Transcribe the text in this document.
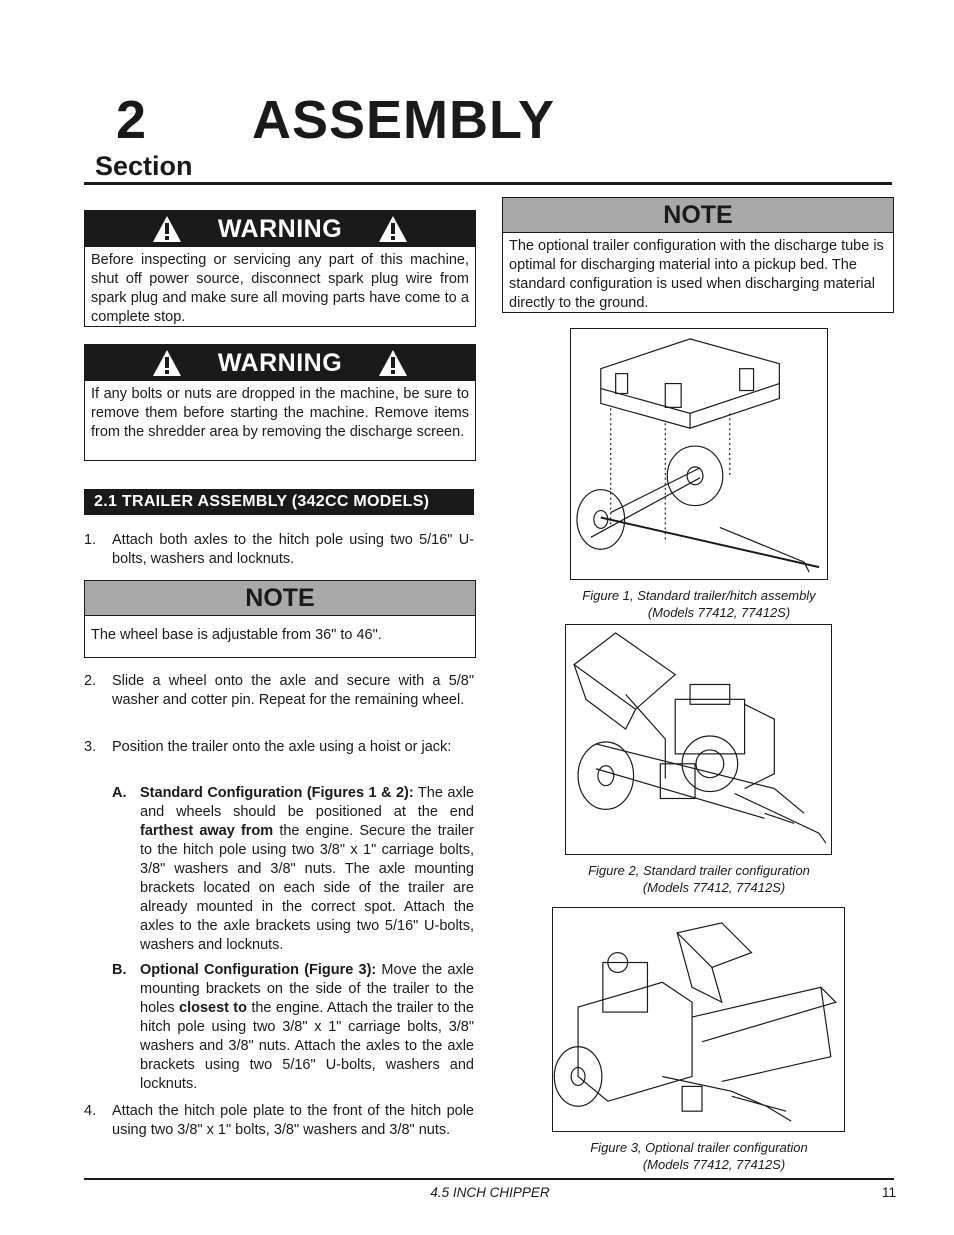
2 ASSEMBLY
Section
WARNING
Before inspecting or servicing any part of this machine, shut off power source, disconnect spark plug wire from spark plug and make sure all moving parts have come to a complete stop.
WARNING
If any bolts or nuts are dropped in the machine, be sure to remove them before starting the machine. Remove items from the shredder area by removing the discharge screen.
2.1 TRAILER ASSEMBLY (342CC MODELS)
1.	Attach both axles to the hitch pole using two 5/16" U-bolts, washers and locknuts.
NOTE
The wheel base is adjustable from 36" to 46".
2.	Slide a wheel onto the axle and secure with a 5/8" washer and cotter pin. Repeat for the remaining wheel.
3.	Position the trailer onto the axle using a hoist or jack:
A. Standard Configuration (Figures 1 & 2): The axle and wheels should be positioned at the end farthest away from the engine. Secure the trailer to the hitch pole using two 3/8" x 1" carriage bolts, 3/8" washers and 3/8" nuts. The axle mounting brackets located on each side of the trailer are already mounted in the correct spot. Attach the axles to the axle brackets using two 5/16" U-bolts, washers and locknuts.
B. Optional Configuration (Figure 3): Move the axle mounting brackets on the side of the trailer to the holes closest to the engine. Attach the trailer to the hitch pole using two 3/8" x 1" carriage bolts, 3/8" washers and 3/8" nuts. Attach the axles to the axle brackets using two 5/16" U-bolts, washers and locknuts.
4.	Attach the hitch pole plate to the front of the hitch pole using two 3/8" x 1" bolts, 3/8" washers and 3/8" nuts.
NOTE
The optional trailer configuration with the discharge tube is optimal for discharging material into a pickup bed. The standard configuration is used when discharging material directly to the ground.
Figure 1, Standard trailer/hitch assembly
(Models 77412, 77412S)
Figure 2, Standard trailer configuration
(Models 77412, 77412S)
Figure 3, Optional trailer configuration
(Models 77412, 77412S)
4.5 INCH CHIPPER	11
